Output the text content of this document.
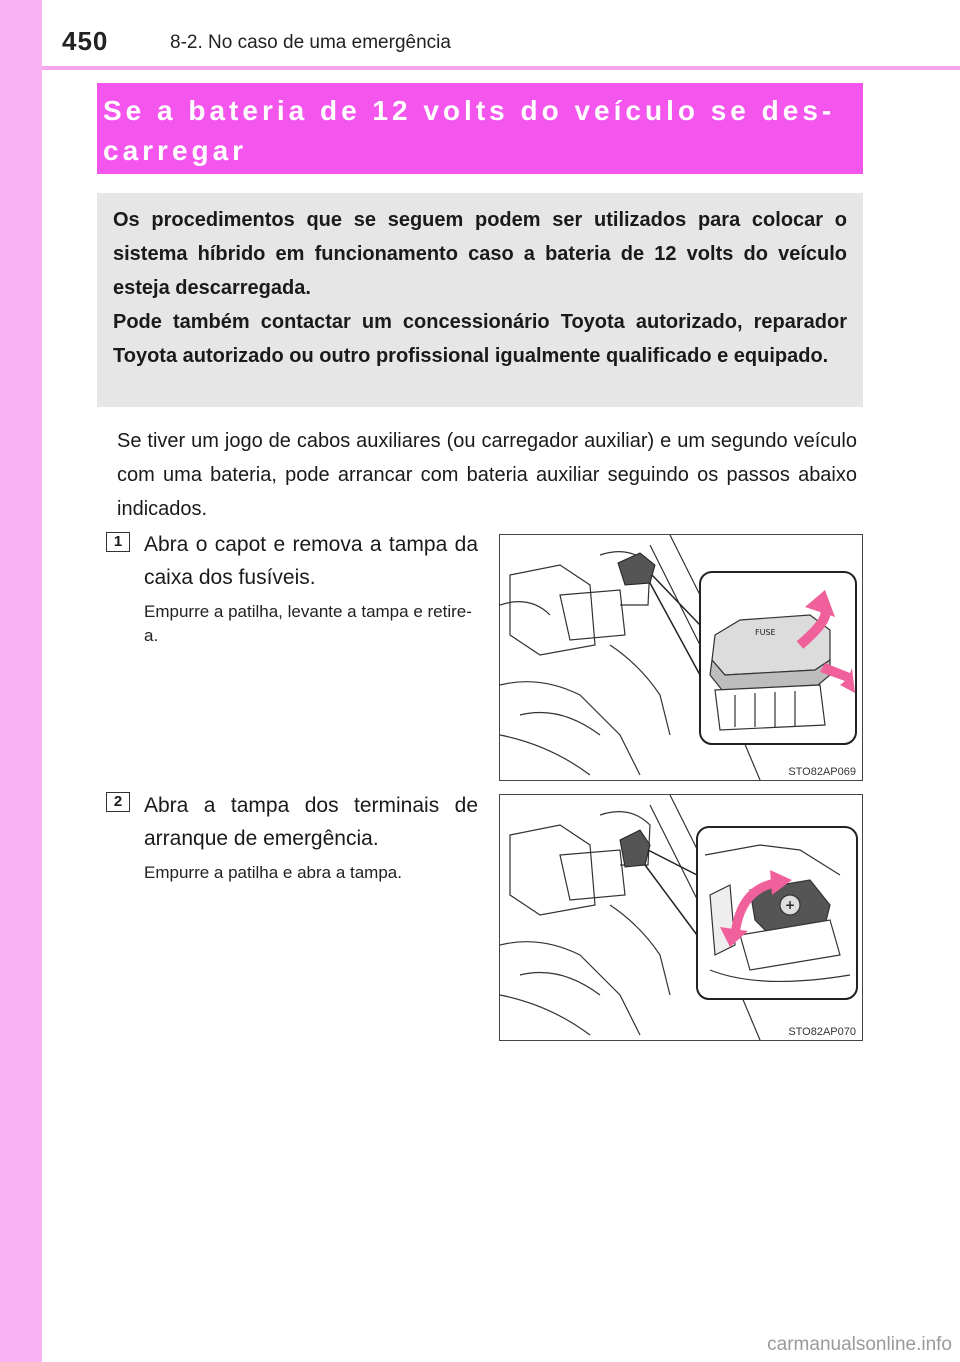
450	8-2. No caso de uma emergência

Se a bateria de 12 volts do veículo se des-
carregar

Os procedimentos que se seguem podem ser utilizados para colocar o sistema híbrido em funcionamento caso a bateria de 12 volts do veículo esteja descarregada.

Pode também contactar um concessionário Toyota autorizado, reparador Toyota autorizado ou outro profissional igualmente qualificado e equipado.

Se tiver um jogo de cabos auxiliares (ou carregador auxiliar) e um segundo veículo com uma bateria, pode arrancar com bateria auxiliar seguindo os passos abaixo indicados.

1	Abra o capot e remova a tampa da caixa dos fusíveis.

Empurre a patilha, levante a tampa e retire-a.	FUSE
STO82AP069
2	Abra a tampa dos terminais de arranque de emergência.

Empurre a patilha e abra a tampa.

+
STO82AP070
carmanualsonline.info
